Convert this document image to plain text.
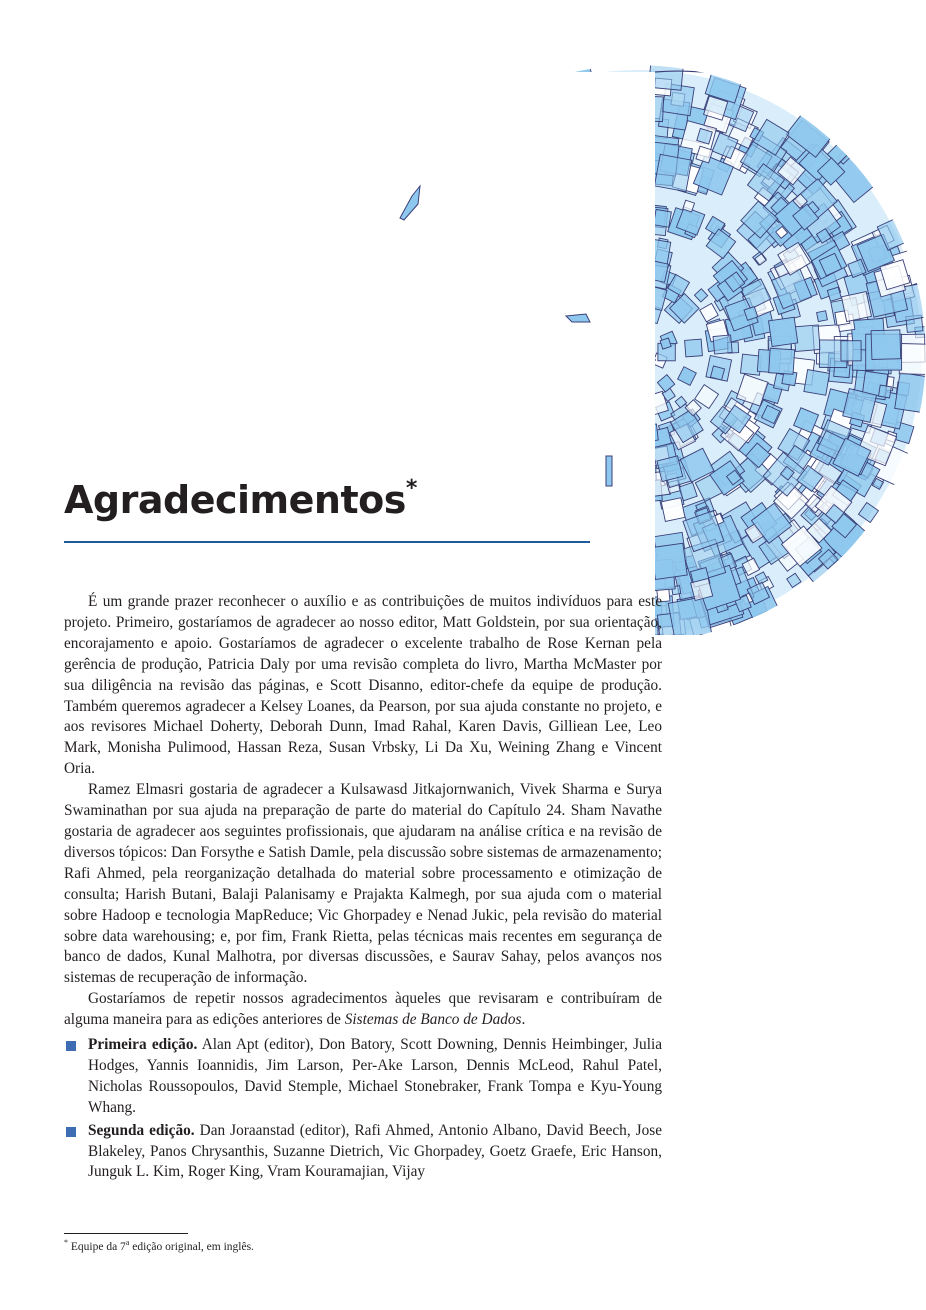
Agradecimentos*

É um grande prazer reconhecer o auxílio e as contribuições de muitos indivíduos para este projeto. Primeiro, gostaríamos de agradecer ao nosso editor, Matt Goldstein, por sua orientação, encorajamento e apoio. Gostaríamos de agradecer o excelente trabalho de Rose Kernan pela gerência de produção, Patricia Daly por uma revisão completa do livro, Martha McMaster por sua diligência na revisão das páginas, e Scott Disanno, editor-chefe da equipe de produção. Também queremos agradecer a Kelsey Loanes, da Pearson, por sua ajuda constante no projeto, e aos revisores Michael Doherty, Deborah Dunn, Imad Rahal, Karen Davis, Gilliean Lee, Leo Mark, Monisha Pulimood, Hassan Reza, Susan Vrbsky, Li Da Xu, Weining Zhang e Vincent Oria.

Ramez Elmasri gostaria de agradecer a Kulsawasd Jitkajornwanich, Vivek Sharma e Surya Swaminathan por sua ajuda na preparação de parte do material do Capítulo 24. Sham Navathe gostaria de agradecer aos seguintes profissionais, que ajudaram na análise crítica e na revisão de diversos tópicos: Dan Forsythe e Satish Damle, pela discussão sobre sistemas de armazenamento; Rafi Ahmed, pela reorganização detalhada do material sobre processamento e otimização de consulta; Harish Butani, Balaji Palanisamy e Prajakta Kalmegh, por sua ajuda com o material sobre Hadoop e tecnologia MapReduce; Vic Ghorpadey e Nenad Jukic, pela revisão do material sobre data warehousing; e, por fim, Frank Rietta, pelas técnicas mais recentes em segurança de banco de dados, Kunal Malhotra, por diversas discussões, e Saurav Sahay, pelos avanços nos sistemas de recuperação de informação.

Gostaríamos de repetir nossos agradecimentos àqueles que revisaram e contribuíram de alguma maneira para as edições anteriores de Sistemas de Banco de Dados.

Primeira edição. Alan Apt (editor), Don Batory, Scott Downing, Dennis Heimbinger, Julia Hodges, Yannis Ioannidis, Jim Larson, Per-Ake Larson, Dennis McLeod, Rahul Patel, Nicholas Roussopoulos, David Stemple, Michael Stonebraker, Frank Tompa e Kyu-Young Whang.
Segunda edição. Dan Joraanstad (editor), Rafi Ahmed, Antonio Albano, David Beech, Jose Blakeley, Panos Chrysanthis, Suzanne Dietrich, Vic Ghorpadey, Goetz Graefe, Eric Hanson, Junguk L. Kim, Roger King, Vram Kouramajian, Vijay
* Equipe da 7$^a$ edição original, em inglês.
